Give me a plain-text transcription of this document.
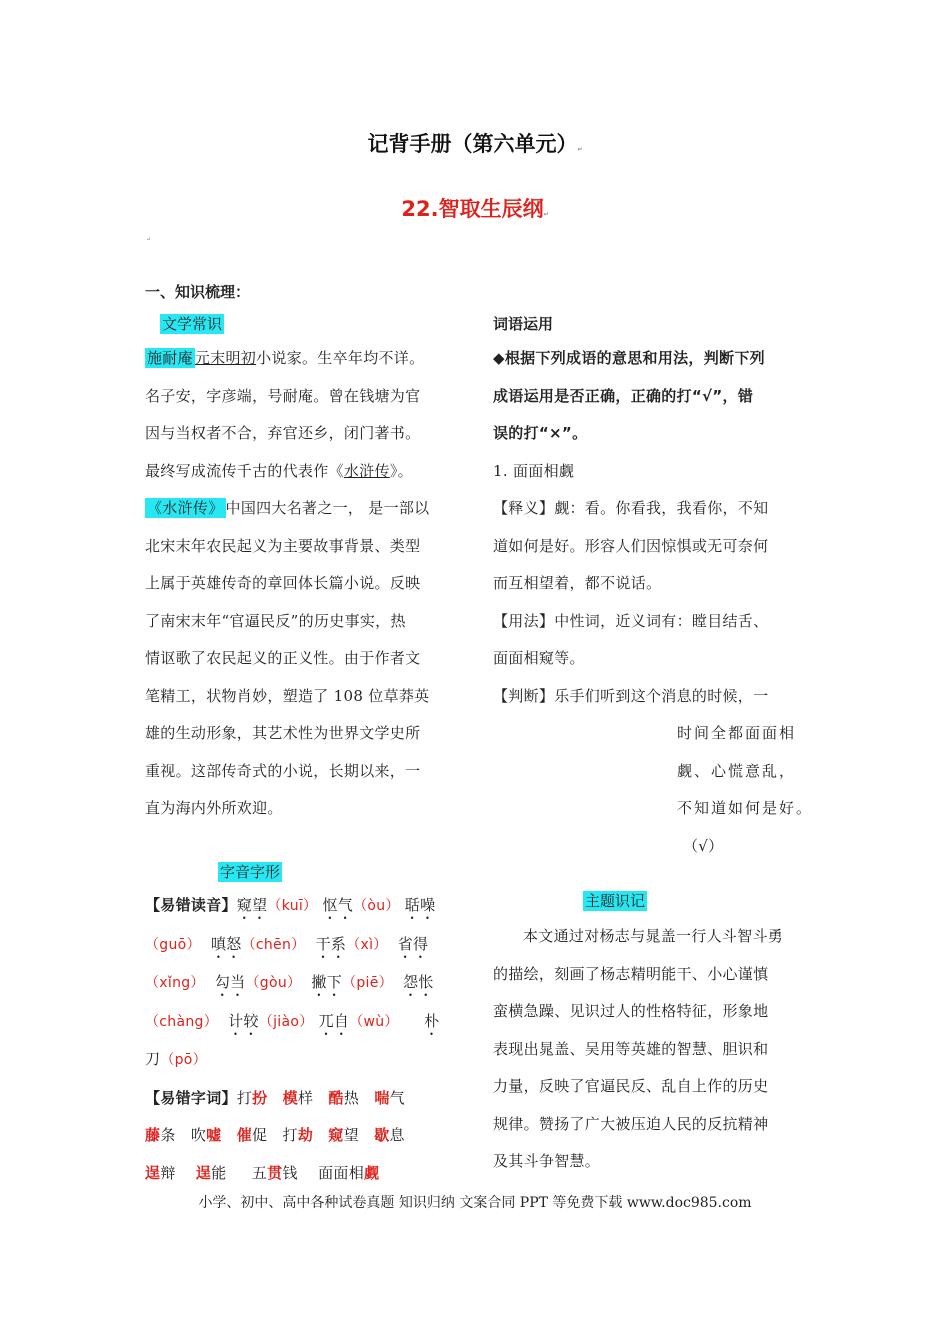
记背手册（第六单元）↵
22.智取生辰纲↵
↵
一、知识梳理：
文学常识
施耐庵 元末明初小说家。生卒年均不详。
名子安，字彦端，号耐庵。曾在钱塘为官
因与当权者不合，弃官还乡，闭门著书。
最终写成流传千古的代表作《水浒传》。
《水浒传》 中国四大名著之一， 是一部以
北宋末年农民起义为主要故事背景、类型
上属于英雄传奇的章回体长篇小说。反映
了南宋末年“官逼民反”的历史事实，热
情讴歌了农民起义的正义性。由于作者文
笔精工，状物肖妙，塑造了 108 位草莽英
雄的生动形象，其艺术性为世界文学史所
重视。这部传奇式的小说，长期以来，一
直为海内外所欢迎。
字音字形
【易错读音】窥望（kuī） 怄气（òu） 聒噪
（guō） 嗔怒（chēn） 干系（xì） 省得
（xǐng） 勾当（gòu） 撇下（piē） 怨怅
（chàng） 计较（jiào） 兀自（wù） 朴
刀（pō）
【易错字词】打扮 模样 酷热 喘气
藤条 吹嘘 催促 打劫 窥望 歇息
逞辩 逞能 五贯钱 面面相觑
词语运用
◆根据下列成语的意思和用法，判断下列
成语运用是否正确，正确的打“√”，错
误的打“×”。
1. 面面相觑
【释义】觑：看。你看我，我看你，不知
道如何是好。形容人们因惊惧或无可奈何
而互相望着，都不说话。
【用法】中性词，近义词有：瞠目结舌、
面面相窥等。
【判断】乐手们听到这个消息的时候，一
时间全都面面相
觑、心慌意乱，
不知道如何是好。
（√）
主题识记
本文通过对杨志与晁盖一行人斗智斗勇
的描绘，刻画了杨志精明能干、小心谨慎
蛮横急躁、见识过人的性格特征，形象地
表现出晁盖、吴用等英雄的智慧、胆识和
力量，反映了官逼民反、乱自上作的历史
规律。赞扬了广大被压迫人民的反抗精神
及其斗争智慧。
小学、初中、高中各种试卷真题 知识归纳 文案合同 PPT 等免费下载 www.doc985.com
